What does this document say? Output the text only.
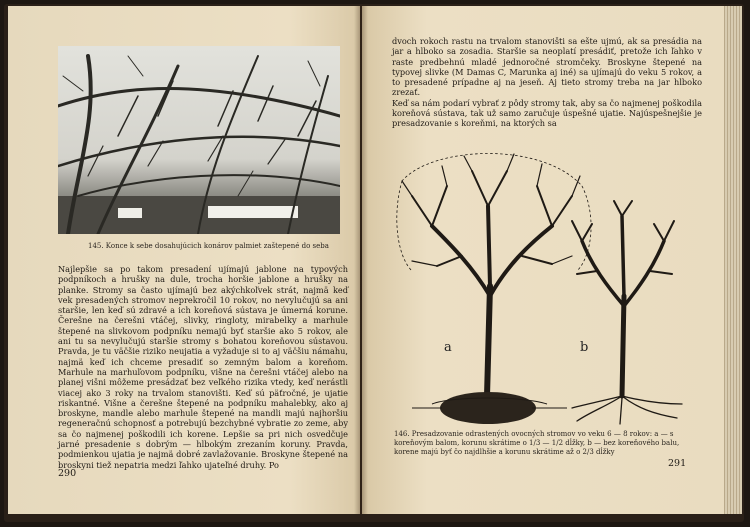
145. Konce k sebe dosahujúcich konárov palmiet zaštepené do seba

Najlepšie sa po takom presadení ujímajú jablone na typových podpníkoch a hrušky na dule, trocha horšie jablone a hrušky na planke. Stromy sa často ujímajú bez akýchkoľvek strát, najmä keď vek presadených stromov neprekročil 10 rokov, no nevylučujú sa ani staršie, len keď sú zdravé a ich koreňová sústava je úmerná korune. Čerešne na čerešni vtáčej, slivky, ringloty, mirabelky a marhule štepené na slivkovom podpníku nemajú byť staršie ako 5 rokov, ale ani tu sa nevylučujú staršie stromy s bohatou koreňovou sústavou. Pravda, je tu väčšie riziko neujatia a vyžaduje si to aj väčšiu námahu, najmä keď ich chceme presadiť so zemným balom a koreňom. Marhule na marhuľovom podpníku, višne na čerešni vtáčej alebo na planej višni môžeme presádzať bez veľkého rizika vtedy, keď nerástli viacej ako 3 roky na trvalom stanovišti. Keď sú päťročné, je ujatie riskantné. Višne a čerešne štepené na podpníku mahalebky, ako aj broskyne, mandle alebo marhule štepené na mandli majú najhoršiu regeneračnú schopnosť a potrebujú bezchybné vybratie zo zeme, aby sa čo najmenej poškodili ich korene. Lepšie sa pri nich osvedčuje jarné presadenie s dobrým — hlbokým zrezaním koruny. Pravda, podmienkou ujatia je najmä dobré zavlažovanie. Broskyne štepené na broskyni tiež nepatria medzi ľahko ujateľné druhy. Po

290

dvoch rokoch rastu na trvalom stanovišti sa ešte ujmú, ak sa presádia na jar a hlboko sa zosadia. Staršie sa neoplatí presádiť, pretože ich ľahko v raste predbehnú mladé jednoročné stromčeky. Broskyne štepené na typovej slivke (M Damas C, Marunka aj iné) sa ujímajú do veku 5 rokov, a to presadené prípadne aj na jeseň. Aj tieto stromy treba na jar hlboko zrezať.
Keď sa nám podarí vybrať z pôdy stromy tak, aby sa čo najmenej poškodila koreňová sústava, tak už samo zaručuje úspešné ujatie. Najúspešnejšie je presadzovanie s koreňmi, na ktorých sa

a	b
146. Presadzovanie odrastených ovocných stromov vo veku 6 — 8 rokov: a — s koreňovým balom, korunu skrátime o 1/3 — 1/2 dĺžky, b — bez koreňového balu, korene majú byť čo najdlhšie a korunu skrátime až o 2/3 dĺžky
291
